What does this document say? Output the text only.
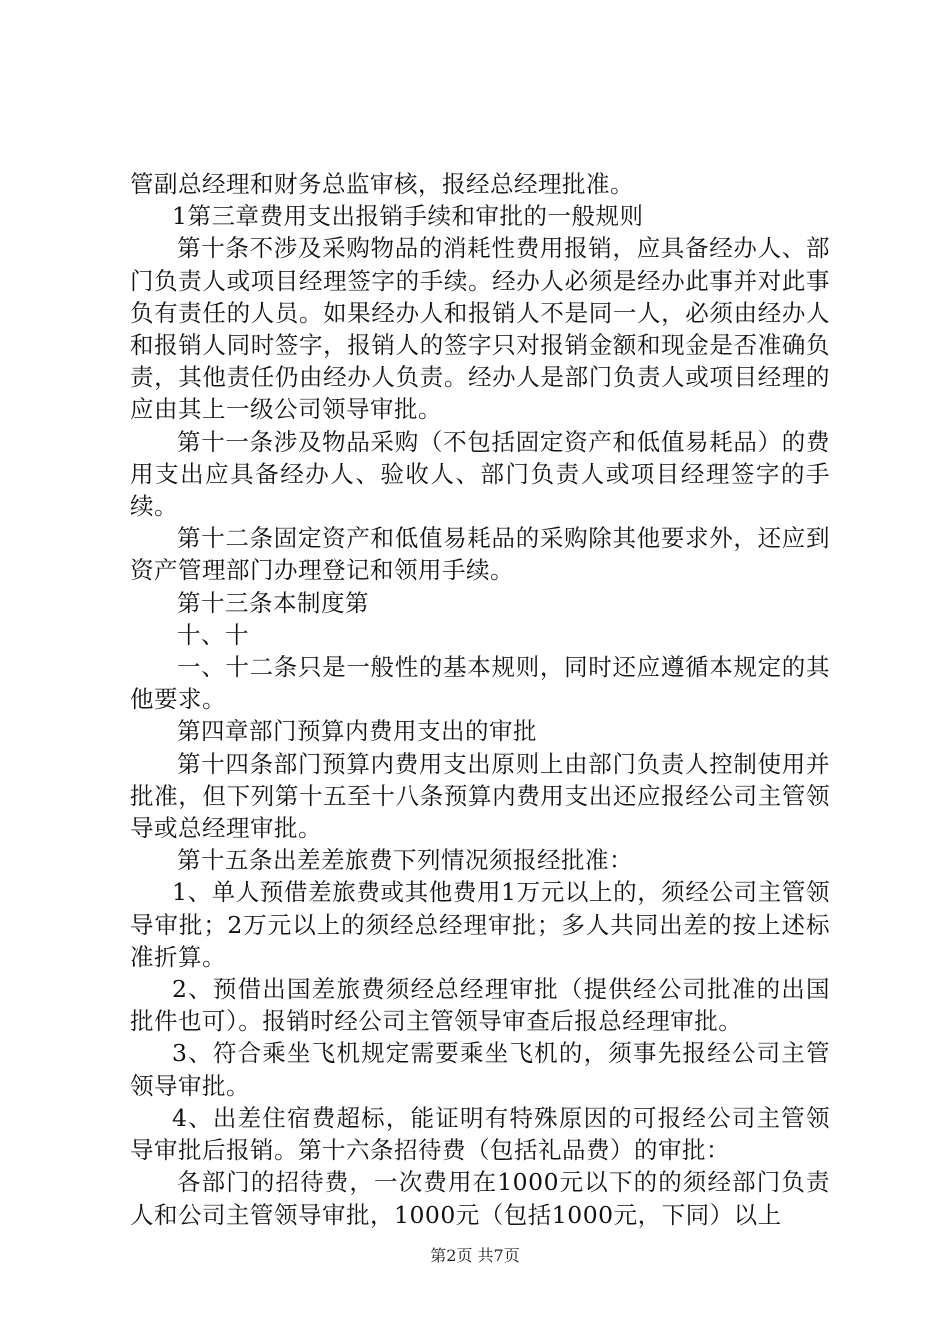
管副总经理和财务总监审核，报经总经理批准。

1第三章费用支出报销手续和审批的一般规则

第十条不涉及采购物品的消耗性费用报销，应具备经办人、部门负责人或项目经理签字的手续。经办人必须是经办此事并对此事负有责任的人员。如果经办人和报销人不是同一人，必须由经办人和报销人同时签字，报销人的签字只对报销金额和现金是否准确负责，其他责任仍由经办人负责。经办人是部门负责人或项目经理的应由其上一级公司领导审批。

第十一条涉及物品采购（不包括固定资产和低值易耗品）的费用支出应具备经办人、验收人、部门负责人或项目经理签字的手续。

第十二条固定资产和低值易耗品的采购除其他要求外，还应到资产管理部门办理登记和领用手续。

第十三条本制度第

十、十

一、十二条只是一般性的基本规则，同时还应遵循本规定的其他要求。

第四章部门预算内费用支出的审批

第十四条部门预算内费用支出原则上由部门负责人控制使用并批准，但下列第十五至十八条预算内费用支出还应报经公司主管领导或总经理审批。

第十五条出差差旅费下列情况须报经批准：

1、单人预借差旅费或其他费用1万元以上的，须经公司主管领导审批；2万元以上的须经总经理审批；多人共同出差的按上述标准折算。

2、预借出国差旅费须经总经理审批（提供经公司批准的出国批件也可）。报销时经公司主管领导审查后报总经理审批。

3、符合乘坐飞机规定需要乘坐飞机的，须事先报经公司主管领导审批。

4、出差住宿费超标，能证明有特殊原因的可报经公司主管领导审批后报销。第十六条招待费（包括礼品费）的审批：

各部门的招待费，一次费用在1000元以下的的须经部门负责人和公司主管领导审批，1000元（包括1000元，下同）以上

第2页 共7页
